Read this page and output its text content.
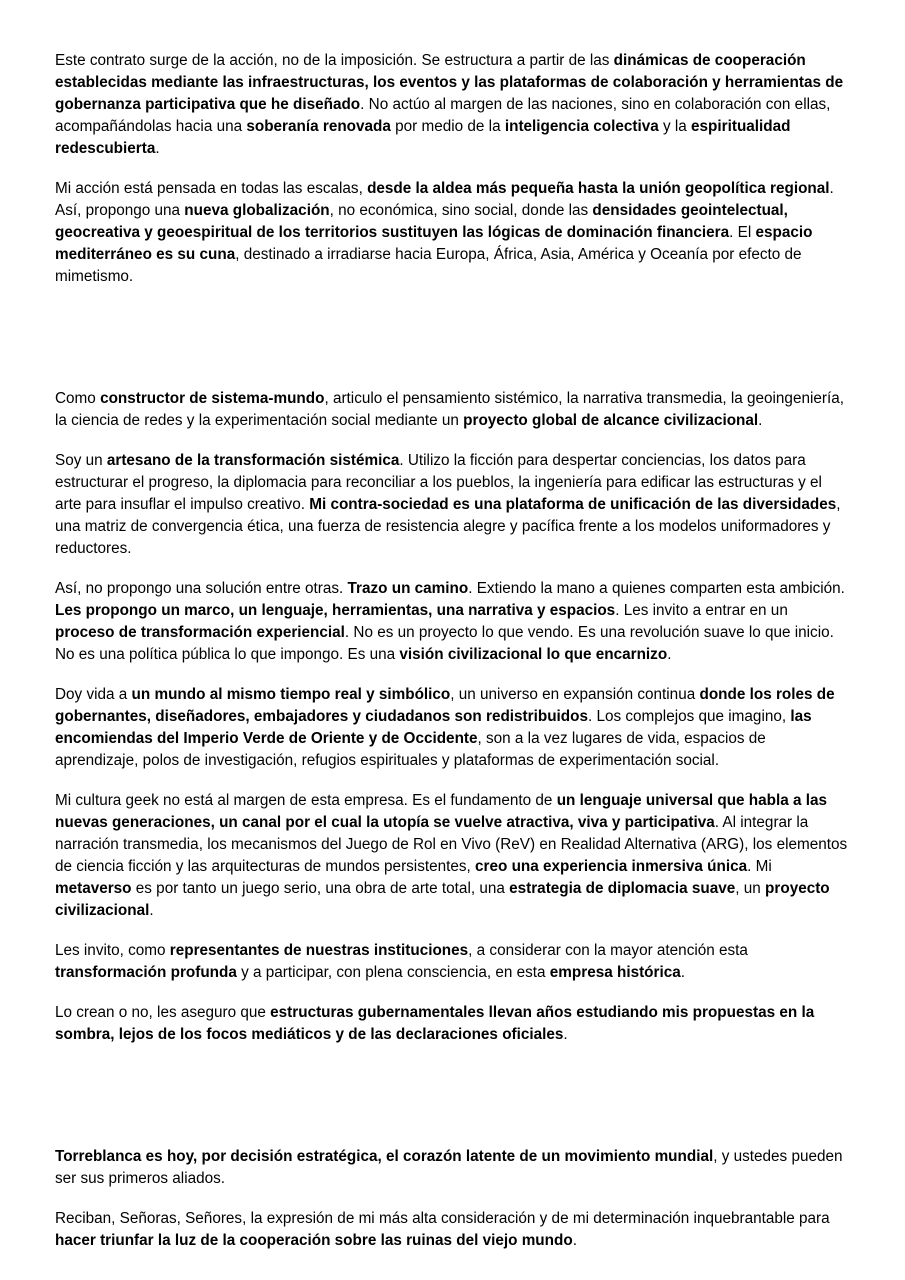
Este contrato surge de la acción, no de la imposición. Se estructura a partir de las dinámicas de cooperación establecidas mediante las infraestructuras, los eventos y las plataformas de colaboración y herramientas de gobernanza participativa que he diseñado. No actúo al margen de las naciones, sino en colaboración con ellas, acompañándolas hacia una soberanía renovada por medio de la inteligencia colectiva y la espiritualidad redescubierta.

Mi acción está pensada en todas las escalas, desde la aldea más pequeña hasta la unión geopolítica regional. Así, propongo una nueva globalización, no económica, sino social, donde las densidades geointelectual, geocreativa y geoespiritual de los territorios sustituyen las lógicas de dominación financiera. El espacio mediterráneo es su cuna, destinado a irradiarse hacia Europa, África, Asia, América y Oceanía por efecto de mimetismo.

Como constructor de sistema-mundo, articulo el pensamiento sistémico, la narrativa transmedia, la geoingeniería, la ciencia de redes y la experimentación social mediante un proyecto global de alcance civilizacional.

Soy un artesano de la transformación sistémica. Utilizo la ficción para despertar conciencias, los datos para estructurar el progreso, la diplomacia para reconciliar a los pueblos, la ingeniería para edificar las estructuras y el arte para insuflar el impulso creativo. Mi contra-sociedad es una plataforma de unificación de las diversidades, una matriz de convergencia ética, una fuerza de resistencia alegre y pacífica frente a los modelos uniformadores y reductores.

Así, no propongo una solución entre otras. Trazo un camino. Extiendo la mano a quienes comparten esta ambición. Les propongo un marco, un lenguaje, herramientas, una narrativa y espacios. Les invito a entrar en un proceso de transformación experiencial. No es un proyecto lo que vendo. Es una revolución suave lo que inicio. No es una política pública lo que impongo. Es una visión civilizacional lo que encarnizo.

Doy vida a un mundo al mismo tiempo real y simbólico, un universo en expansión continua donde los roles de gobernantes, diseñadores, embajadores y ciudadanos son redistribuidos. Los complejos que imagino, las encomiendas del Imperio Verde de Oriente y de Occidente, son a la vez lugares de vida, espacios de aprendizaje, polos de investigación, refugios espirituales y plataformas de experimentación social.

Mi cultura geek no está al margen de esta empresa. Es el fundamento de un lenguaje universal que habla a las nuevas generaciones, un canal por el cual la utopía se vuelve atractiva, viva y participativa. Al integrar la narración transmedia, los mecanismos del Juego de Rol en Vivo (ReV) en Realidad Alternativa (ARG), los elementos de ciencia ficción y las arquitecturas de mundos persistentes, creo una experiencia inmersiva única. Mi metaverso es por tanto un juego serio, una obra de arte total, una estrategia de diplomacia suave, un proyecto civilizacional.

Les invito, como representantes de nuestras instituciones, a considerar con la mayor atención esta transformación profunda y a participar, con plena consciencia, en esta empresa histórica.

Lo crean o no, les aseguro que estructuras gubernamentales llevan años estudiando mis propuestas en la sombra, lejos de los focos mediáticos y de las declaraciones oficiales.

Torreblanca es hoy, por decisión estratégica, el corazón latente de un movimiento mundial, y ustedes pueden ser sus primeros aliados.

Reciban, Señoras, Señores, la expresión de mi más alta consideración y de mi determinación inquebrantable para hacer triunfar la luz de la cooperación sobre las ruinas del viejo mundo.
